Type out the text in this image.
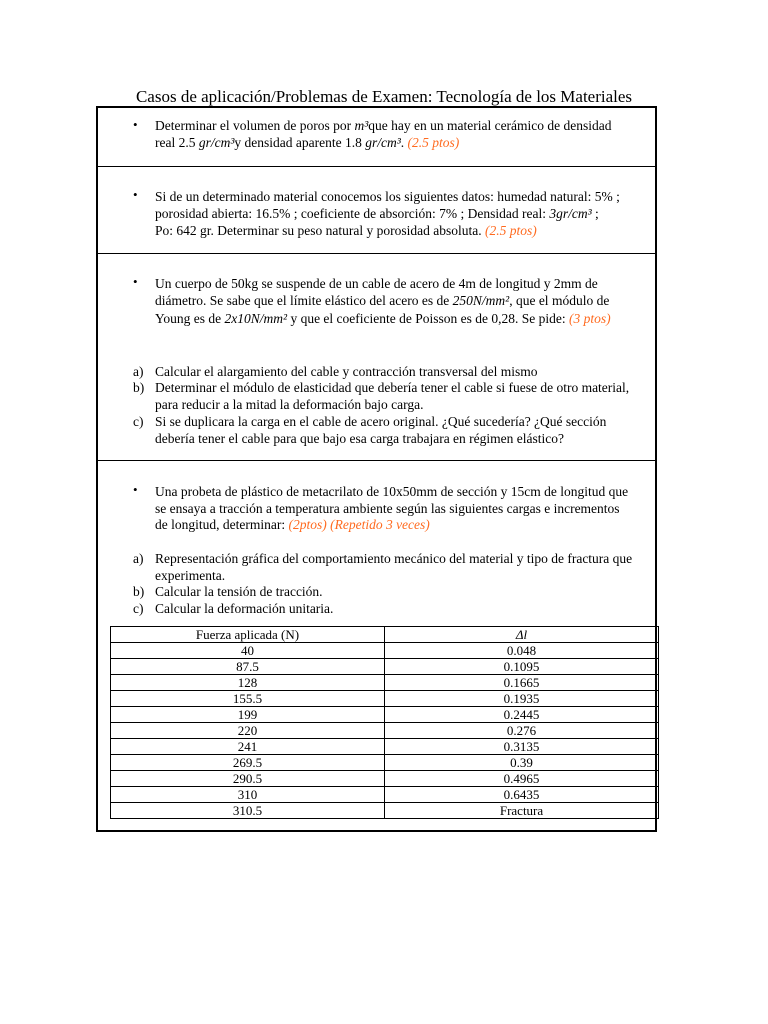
Casos de aplicación/Problemas de Examen: Tecnología de los Materiales
• Determinar el volumen de poros por m³que hay en un material cerámico de densidad
real 2.5 gr/cm³y densidad aparente 1.8 gr/cm³. (2.5 ptos)
• Si de un determinado material conocemos los siguientes datos: humedad natural: 5% ;
porosidad abierta: 16.5% ; coeficiente de absorción: 7% ; Densidad real: 3gr/cm³ ;
Po: 642 gr. Determinar su peso natural y porosidad absoluta. (2.5 ptos)
• Un cuerpo de 50kg se suspende de un cable de acero de 4m de longitud y 2mm de
diámetro. Se sabe que el límite elástico del acero es de 250N/mm², que el módulo de
Young es de 2x10N/mm² y que el coeficiente de Poisson es de 0,28. Se pide: (3 ptos)
a) Calcular el alargamiento del cable y contracción transversal del mismo
b) Determinar el módulo de elasticidad que debería tener el cable si fuese de otro material,
para reducir a la mitad la deformación bajo carga.
c) Si se duplicara la carga en el cable de acero original. ¿Qué sucedería? ¿Qué sección
debería tener el cable para que bajo esa carga trabajara en régimen elástico?
• Una probeta de plástico de metacrilato de 10x50mm de sección y 15cm de longitud que
se ensaya a tracción a temperatura ambiente según las siguientes cargas e incrementos
de longitud, determinar: (2ptos) (Repetido 3 veces)
a) Representación gráfica del comportamiento mecánico del material y tipo de fractura que
experimenta.
b) Calcular la tensión de tracción.
c) Calcular la deformación unitaria.
Fuerza aplicada (N)	Δl
40	0.048
87.5	0.1095
128	0.1665
155.5	0.1935
199	0.2445
220	0.276
241	0.3135
269.5	0.39
290.5	0.4965
310	0.6435
310.5	Fractura
